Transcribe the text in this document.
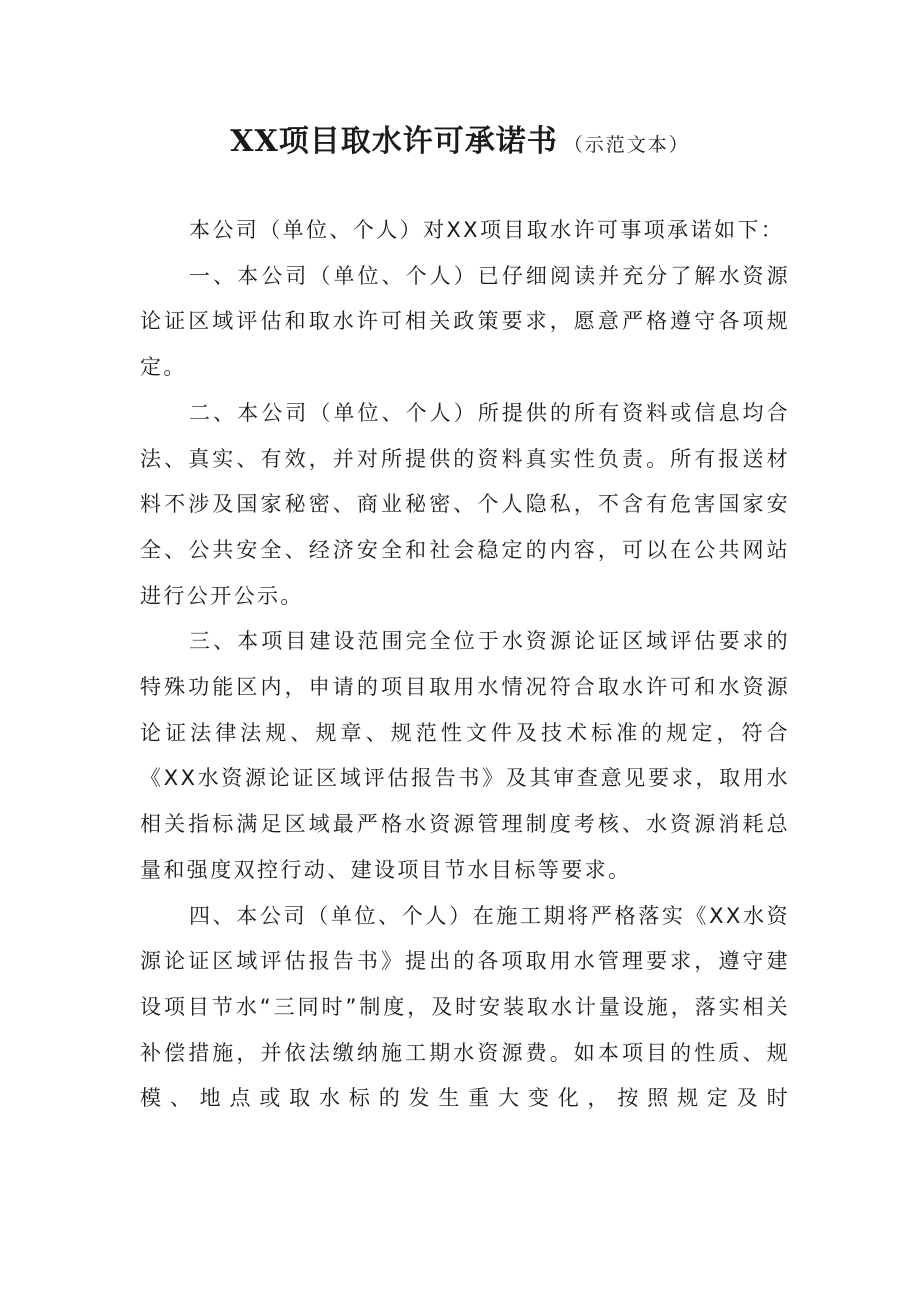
XX项目取水许可承诺书 （示范文本）

本公司（单位、个人）对XX项目取水许可事项承诺如下：

一、本公司（单位、个人）已仔细阅读并充分了解水资源论证区域评估和取水许可相关政策要求，愿意严格遵守各项规定。

二、本公司（单位、个人）所提供的所有资料或信息均合法、真实、有效，并对所提供的资料真实性负责。所有报送材料不涉及国家秘密、商业秘密、个人隐私，不含有危害国家安全、公共安全、经济安全和社会稳定的内容，可以在公共网站进行公开公示。

三、本项目建设范围完全位于水资源论证区域评估要求的特殊功能区内，申请的项目取用水情况符合取水许可和水资源论证法律法规、规章、规范性文件及技术标准的规定，符合《XX水资源论证区域评估报告书》及其审查意见要求，取用水相关指标满足区域最严格水资源管理制度考核、水资源消耗总量和强度双控行动、建设项目节水目标等要求。

四、本公司（单位、个人）在施工期将严格落实《XX水资源论证区域评估报告书》提出的各项取用水管理要求，遵守建设项目节水“三同时”制度，及时安装取水计量设施，落实相关补偿措施，并依法缴纳施工期水资源费。如本项目的性质、规模、地点或取水标的发生重大变化，按照规定及时
